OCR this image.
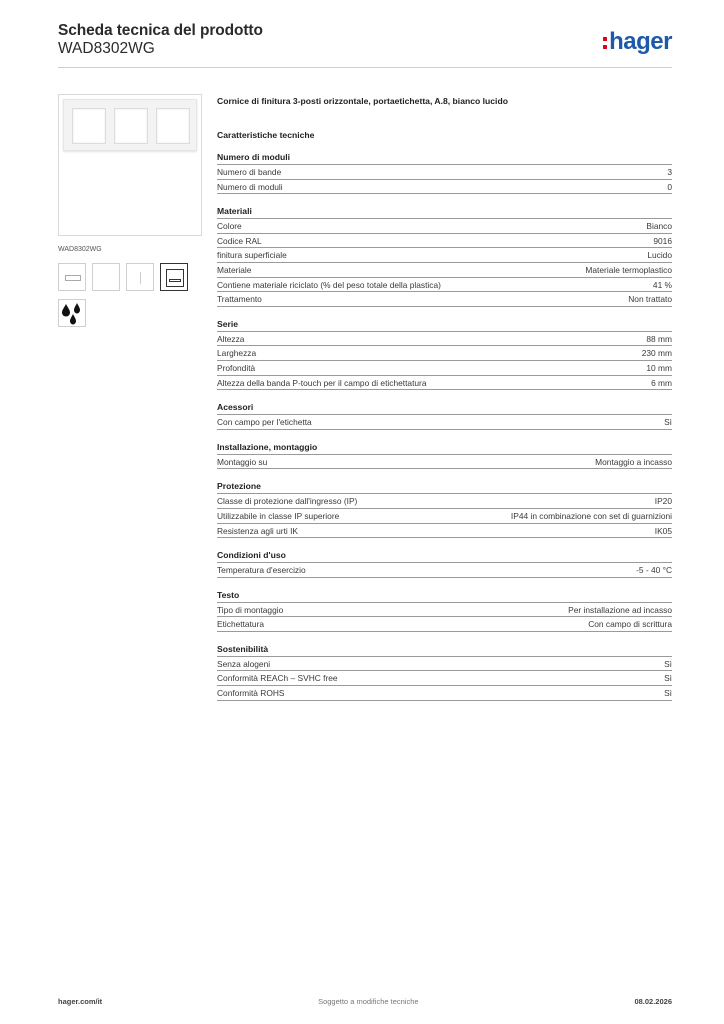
Scheda tecnica del prodotto
WAD8302WG	hager
WAD8302WG
Cornice di finitura 3-posti orizzontale, portaetichetta, A.8, bianco lucido
Caratteristiche tecniche
Numero di moduli
Numero di bande	3
Numero di moduli	0
Materiali
Colore	Bianco
Codice RAL	9016
finitura superficiale	Lucido
Materiale	Materiale termoplastico
Contiene materiale riciclato (% del peso totale della plastica)	41 %
Trattamento	Non trattato
Serie
Altezza	88 mm
Larghezza	230 mm
Profondità	10 mm
Altezza della banda P-touch per il campo di etichettatura	6 mm
Acessori
Con campo per l'etichetta	Sì
Installazione, montaggio
Montaggio su	Montaggio a incasso
Protezione
Classe di protezione dall'ingresso (IP)	IP20
Utilizzabile in classe IP superiore	IP44 in combinazione con set di guarnizioni
Resistenza agli urti IK	IK05
Condizioni d'uso
Temperatura d'esercizio	-5 - 40 °C
Testo
Tipo di montaggio	Per installazione ad incasso
Etichettatura	Con campo di scrittura
Sostenibilità
Senza alogeni	Sì
Conformità REACh – SVHC free	Sì
Conformità ROHS	Sì
hager.com/it	Soggetto a modifiche tecniche	08.02.2026
